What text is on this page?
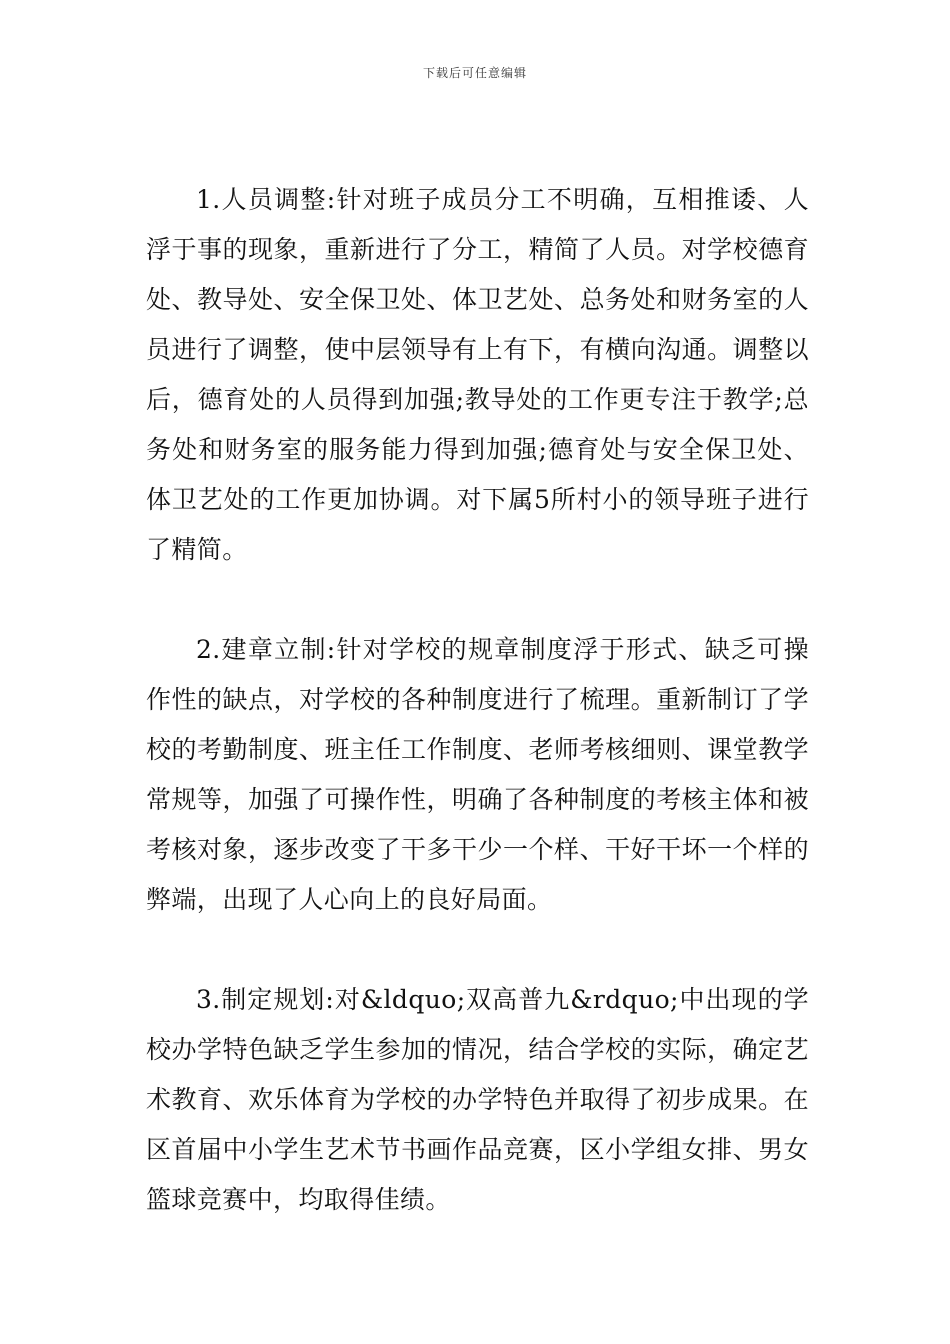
下载后可任意编辑

1.人员调整:针对班子成员分工不明确，互相推诿、人浮于事的现象，重新进行了分工，精简了人员。对学校德育处、教导处、安全保卫处、体卫艺处、总务处和财务室的人员进行了调整，使中层领导有上有下，有横向沟通。调整以后，德育处的人员得到加强;教导处的工作更专注于教学;总务处和财务室的服务能力得到加强;德育处与安全保卫处、体卫艺处的工作更加协调。对下属5所村小的领导班子进行了精简。

2.建章立制:针对学校的规章制度浮于形式、缺乏可操作性的缺点，对学校的各种制度进行了梳理。重新制订了学校的考勤制度、班主任工作制度、老师考核细则、课堂教学常规等，加强了可操作性，明确了各种制度的考核主体和被考核对象，逐步改变了干多干少一个样、干好干坏一个样的弊端，出现了人心向上的良好局面。

3.制定规划:对&ldquo;双高普九&rdquo;中出现的学校办学特色缺乏学生参加的情况，结合学校的实际，确定艺术教育、欢乐体育为学校的办学特色并取得了初步成果。在区首届中小学生艺术节书画作品竞赛，区小学组女排、男女篮球竞赛中，均取得佳绩。
